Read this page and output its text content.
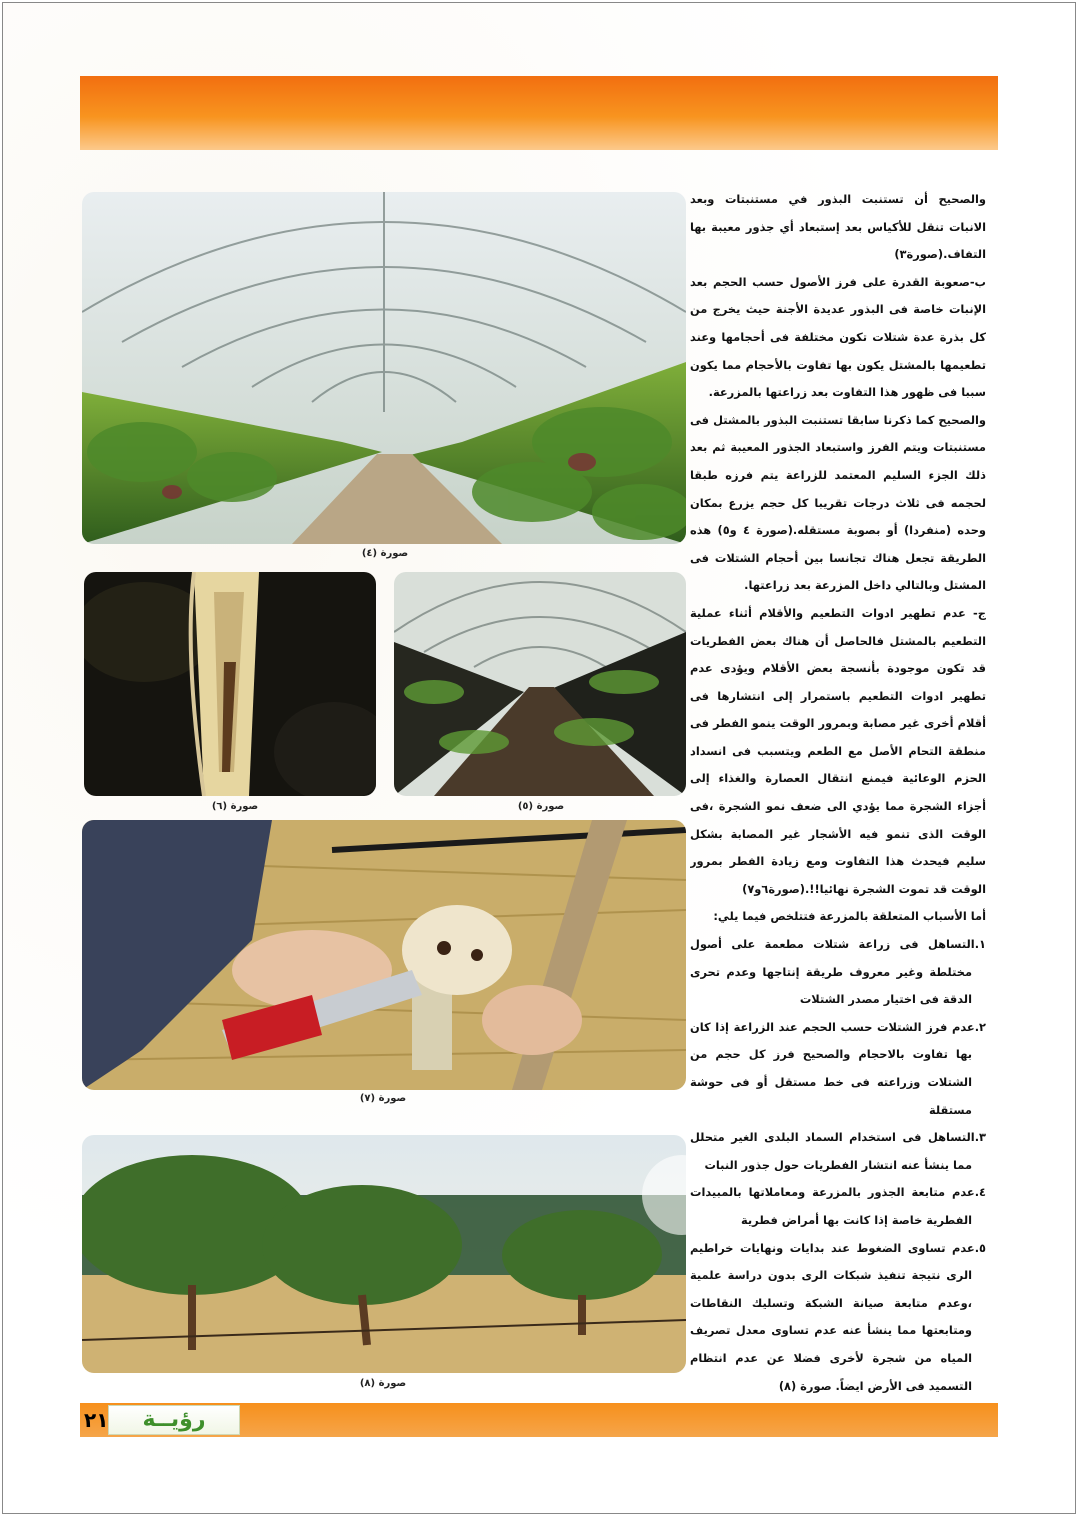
صورة (٤)
صورة (٦)	صورة (٥)
صورة (٧)
صورة (٨)

والصحيح أن تستنبت البذور في مستنبتات وبعد الانبات تنقل للأكياس بعد إستبعاد أي جذور معيبة بها التفاف.(صورة٣)

ب-صعوبة القدرة على فرز الأصول حسب الحجم بعد الإنبات خاصة فى البذور عديدة الأجنة حيث يخرج من كل بذرة عدة شتلات تكون مختلفة فى أحجامها وعند تطعيمها بالمشتل يكون بها تفاوت بالأحجام مما يكون سببا فى ظهور هذا التفاوت بعد زراعتها بالمزرعة.

والصحيح كما ذكرنا سابقا تستنبت البذور بالمشتل فى مستنبتات ويتم الفرز واستبعاد الجذور المعيبة ثم بعد ذلك الجزء السليم المعتمد للزراعة يتم فرزه طبقا لحجمه فى ثلاث درجات تقريبا كل حجم يزرع بمكان وحده (منفردا) أو بصوبة مستقله.(صورة ٤ و٥) هذه الطريقة تجعل هناك تجانسا بين أحجام الشتلات فى المشتل وبالتالي داخل المزرعة بعد زراعتها.

ج- عدم تطهير ادوات التطعيم والأقلام أثناء عملية التطعيم بالمشتل فالحاصل أن هناك بعض الفطريات قد تكون موجودة بأنسجة بعض الأقلام ويؤدى عدم تطهير ادوات التطعيم باستمرار إلى انتشارها فى أقلام أخرى غير مصابة وبمرور الوقت ينمو الفطر فى منطقة التحام الأصل مع الطعم ويتسبب فى انسداد الحزم الوعائية فيمنع انتقال العصارة والغذاء إلى أجزاء الشجرة مما يؤدي الى ضعف نمو الشجرة ،فى الوقت الذى تنمو فيه الأشجار غير المصابة بشكل سليم فيحدث هذا التفاوت ومع زيادة الفطر بمرور الوقت قد تموت الشجرة نهائيا!!.(صورة٦و٧)

أما الأسباب المتعلقة بالمزرعة فتتلخص فيما يلي:

١.التساهل فى زراعة شتلات مطعمة على أصول مختلطة وغير معروف طريقة إنتاجها وعدم تحرى الدقة فى اختيار مصدر الشتلات

٢.عدم فرز الشتلات حسب الحجم عند الزراعة إذا كان بها تفاوت بالاحجام والصحيح فرز كل حجم من الشتلات وزراعته فى خط مستقل أو فى حوشة مستقلة

٣.التساهل فى استخدام السماد البلدى الغير متحلل مما ينشأ عنه انتشار الفطريات حول جذور النبات

٤.عدم متابعة الجذور بالمزرعة ومعاملاتها بالمبيدات الفطرية خاصة إذا كانت بها أمراض فطرية

٥.عدم تساوى الضغوط عند بدايات ونهايات خراطيم الرى نتيجة تنفيذ شبكات الرى بدون دراسة علمية ،وعدم متابعة صيانة الشبكة وتسليك النقاطات ومتابعتها مما ينشأ عنه عدم تساوى معدل تصريف المياه من شجرة لأخرى فضلا عن عدم انتظام التسميد فى الأرض ايضاً. صورة (٨)

٢١	رؤيــة
